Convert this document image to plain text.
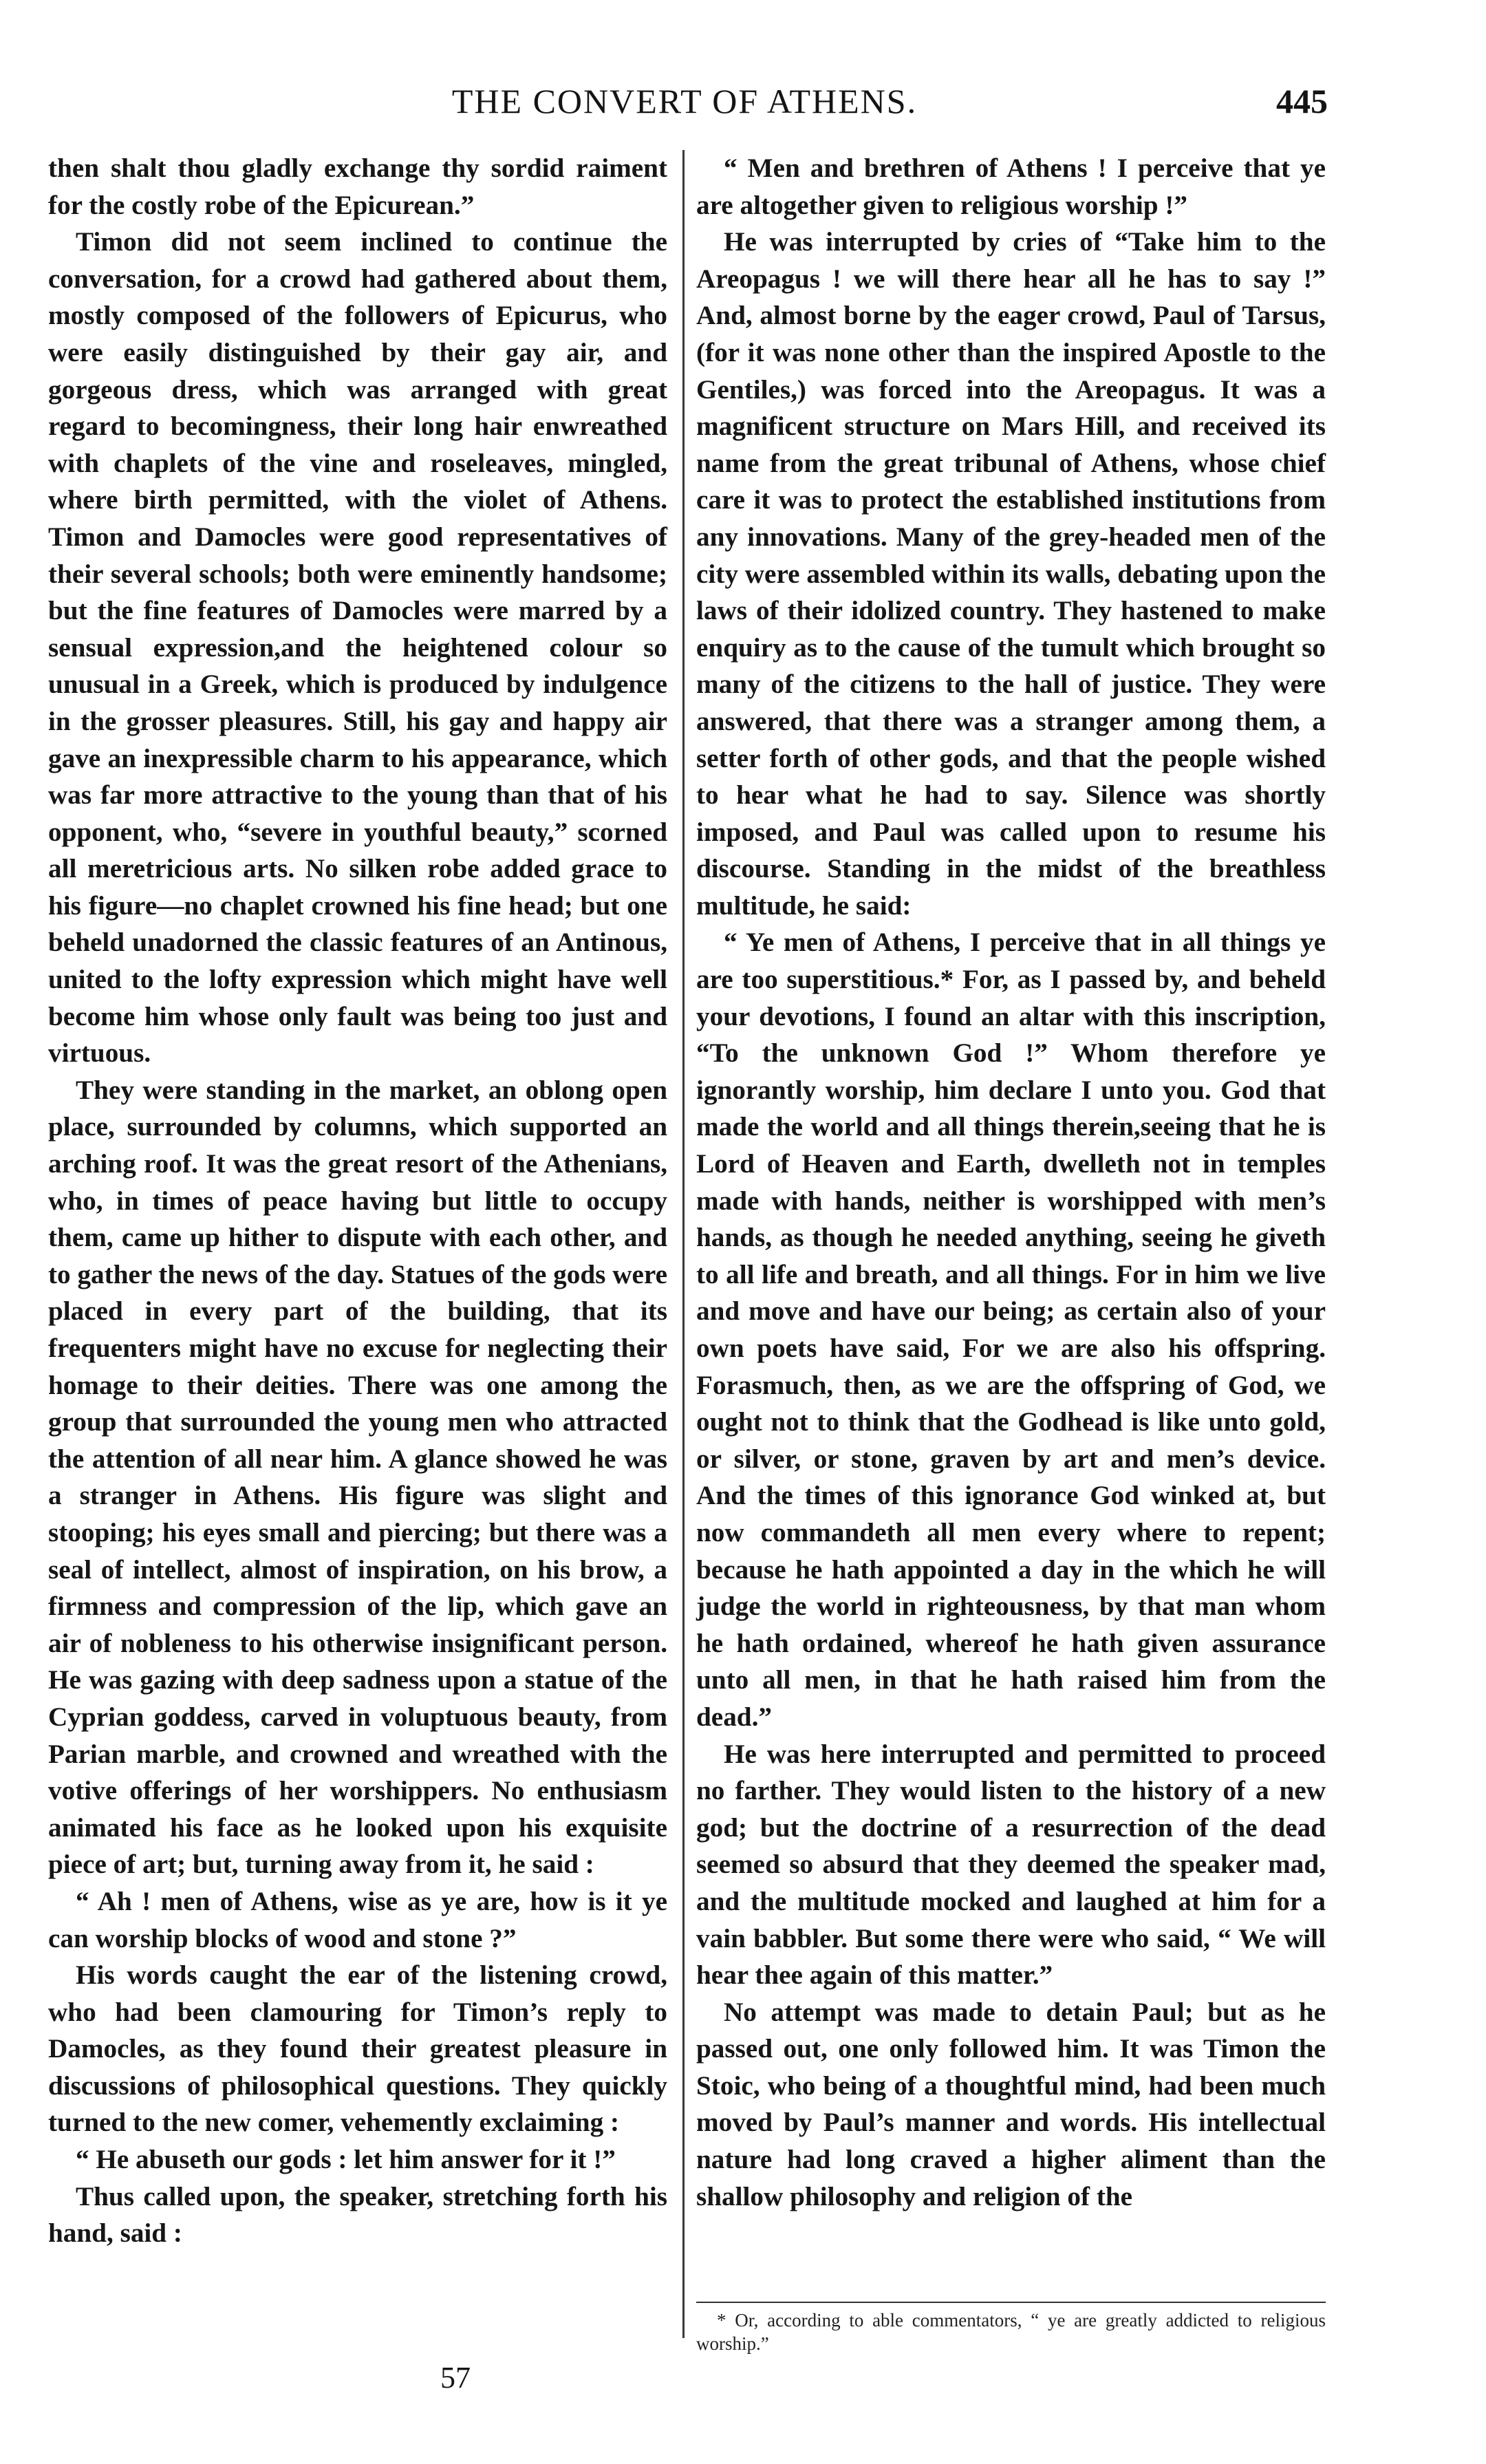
THE CONVERT OF ATHENS.	445

then shalt thou gladly exchange thy sordid raiment for the costly robe of the Epicurean.”

Timon did not seem inclined to continue the conversation, for a crowd had gathered about them, mostly composed of the followers of Epicurus, who were easily distinguished by their gay air, and gorgeous dress, which was arranged with great regard to becomingness, their long hair enwreathed with chaplets of the vine and roseleaves, mingled, where birth permitted, with the violet of Athens. Timon and Damocles were good representatives of their several schools; both were eminently handsome; but the fine features of Damocles were marred by a sensual expression,and the heightened colour so unusual in a Greek, which is produced by indulgence in the grosser pleasures. Still, his gay and happy air gave an inexpressible charm to his appearance, which was far more attractive to the young than that of his opponent, who, “severe in youthful beauty,” scorned all meretricious arts. No silken robe added grace to his figure—no chaplet crowned his fine head; but one beheld unadorned the classic features of an Antinous, united to the lofty expression which might have well become him whose only fault was being too just and virtuous.

They were standing in the market, an oblong open place, surrounded by columns, which supported an arching roof. It was the great resort of the Athenians, who, in times of peace having but little to occupy them, came up hither to dispute with each other, and to gather the news of the day. Statues of the gods were placed in every part of the building, that its frequenters might have no excuse for neglecting their homage to their deities. There was one among the group that surrounded the young men who attracted the attention of all near him. A glance showed he was a stranger in Athens. His figure was slight and stooping; his eyes small and piercing; but there was a seal of intellect, almost of inspiration, on his brow, a firmness and compression of the lip, which gave an air of nobleness to his otherwise insignificant person. He was gazing with deep sadness upon a statue of the Cyprian goddess, carved in voluptuous beauty, from Parian marble, and crowned and wreathed with the votive offerings of her worshippers. No enthusiasm animated his face as he looked upon his exquisite piece of art; but, turning away from it, he said :

“ Ah ! men of Athens, wise as ye are, how is it ye can worship blocks of wood and stone ?”

His words caught the ear of the listening crowd, who had been clamouring for Timon’s reply to Damocles, as they found their greatest pleasure in discussions of philosophical questions. They quickly turned to the new comer, vehemently exclaiming :

“ He abuseth our gods : let him answer for it !”

Thus called upon, the speaker, stretching forth his hand, said :

“ Men and brethren of Athens ! I perceive that ye are altogether given to religious worship !”

He was interrupted by cries of “Take him to the Areopagus ! we will there hear all he has to say !” And, almost borne by the eager crowd, Paul of Tarsus, (for it was none other than the inspired Apostle to the Gentiles,) was forced into the Areopagus. It was a magnificent structure on Mars Hill, and received its name from the great tribunal of Athens, whose chief care it was to protect the established institutions from any innovations. Many of the grey-headed men of the city were assembled within its walls, debating upon the laws of their idolized country. They hastened to make enquiry as to the cause of the tumult which brought so many of the citizens to the hall of justice. They were answered, that there was a stranger among them, a setter forth of other gods, and that the people wished to hear what he had to say. Silence was shortly imposed, and Paul was called upon to resume his discourse. Standing in the midst of the breathless multitude, he said:

“ Ye men of Athens, I perceive that in all things ye are too superstitious.* For, as I passed by, and beheld your devotions, I found an altar with this inscription, “To the unknown God !” Whom therefore ye ignorantly worship, him declare I unto you. God that made the world and all things therein,seeing that he is Lord of Heaven and Earth, dwelleth not in temples made with hands, neither is worshipped with men’s hands, as though he needed anything, seeing he giveth to all life and breath, and all things. For in him we live and move and have our being; as certain also of your own poets have said, For we are also his offspring. Forasmuch, then, as we are the offspring of God, we ought not to think that the Godhead is like unto gold, or silver, or stone, graven by art and men’s device. And the times of this ignorance God winked at, but now commandeth all men every where to repent; because he hath appointed a day in the which he will judge the world in righteousness, by that man whom he hath ordained, whereof he hath given assurance unto all men, in that he hath raised him from the dead.”

He was here interrupted and permitted to proceed no farther. They would listen to the history of a new god; but the doctrine of a resurrection of the dead seemed so absurd that they deemed the speaker mad, and the multitude mocked and laughed at him for a vain babbler. But some there were who said, “ We will hear thee again of this matter.”

No attempt was made to detain Paul; but as he passed out, one only followed him. It was Timon the Stoic, who being of a thoughtful mind, had been much moved by Paul’s manner and words. His intellectual nature had long craved a higher aliment than the shallow philosophy and religion of the

* Or, according to able commentators, “ ye are greatly addicted to religious worship.”

57
